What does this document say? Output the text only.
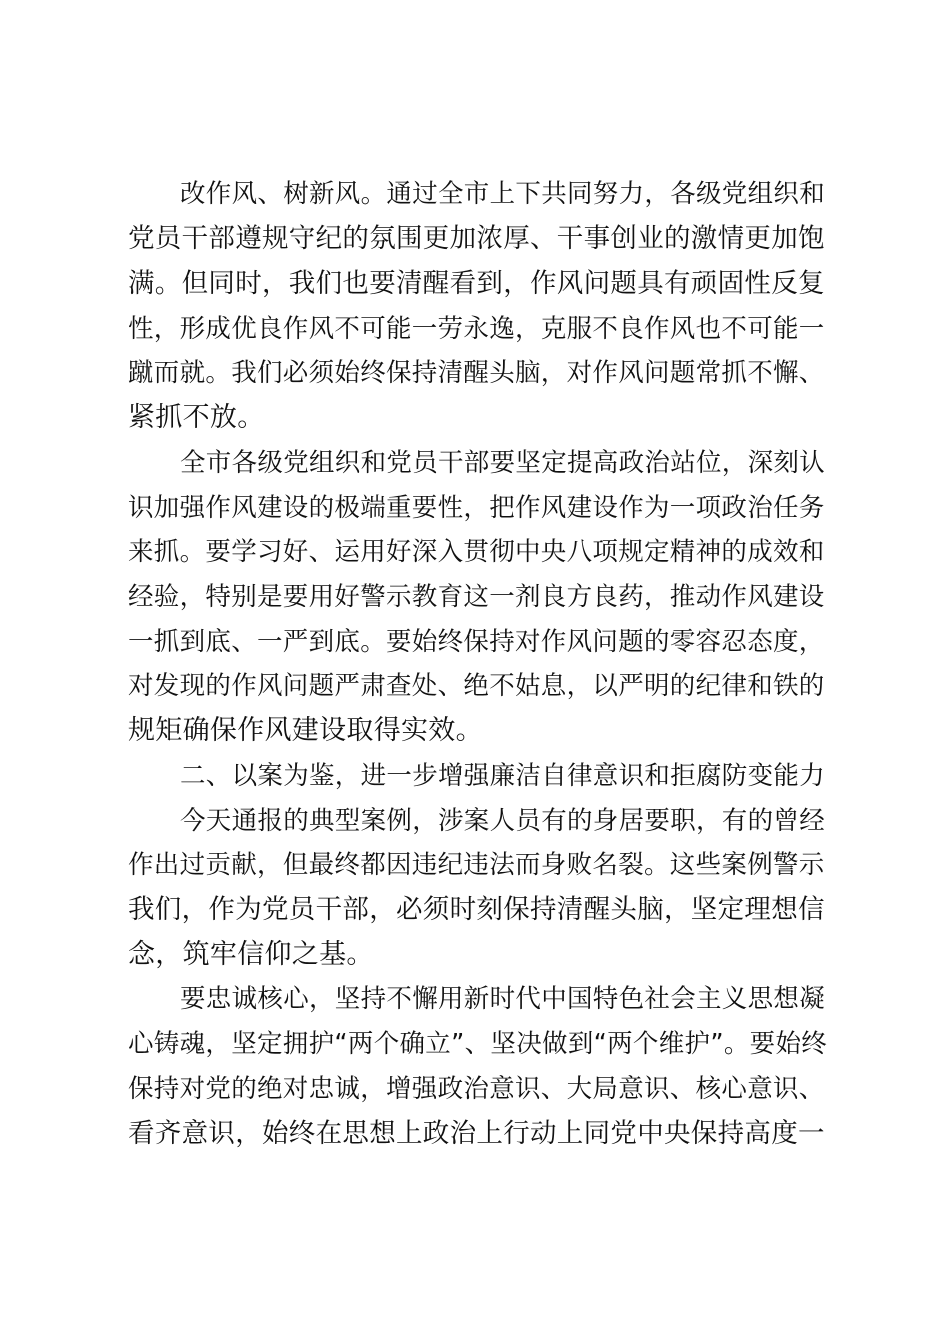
改作风、树新风。通过全市上下共同努力，各级党组织和
党员干部遵规守纪的氛围更加浓厚、干事创业的激情更加饱
满。但同时，我们也要清醒看到，作风问题具有顽固性反复
性，形成优良作风不可能一劳永逸，克服不良作风也不可能一
蹴而就。我们必须始终保持清醒头脑，对作风问题常抓不懈、
紧抓不放。
全市各级党组织和党员干部要坚定提高政治站位，深刻认
识加强作风建设的极端重要性，把作风建设作为一项政治任务
来抓。要学习好、运用好深入贯彻中央八项规定精神的成效和
经验，特别是要用好警示教育这一剂良方良药，推动作风建设
一抓到底、一严到底。要始终保持对作风问题的零容忍态度，
对发现的作风问题严肃查处、绝不姑息，以严明的纪律和铁的
规矩确保作风建设取得实效。
二、以案为鉴，进一步增强廉洁自律意识和拒腐防变能力
今天通报的典型案例，涉案人员有的身居要职，有的曾经
作出过贡献，但最终都因违纪违法而身败名裂。这些案例警示
我们，作为党员干部，必须时刻保持清醒头脑，坚定理想信
念，筑牢信仰之基。
要忠诚核心，坚持不懈用新时代中国特色社会主义思想凝
心铸魂，坚定拥护“两个确立”、坚决做到“两个维护”。要始终
保持对党的绝对忠诚，增强政治意识、大局意识、核心意识、
看齐意识，始终在思想上政治上行动上同党中央保持高度一
